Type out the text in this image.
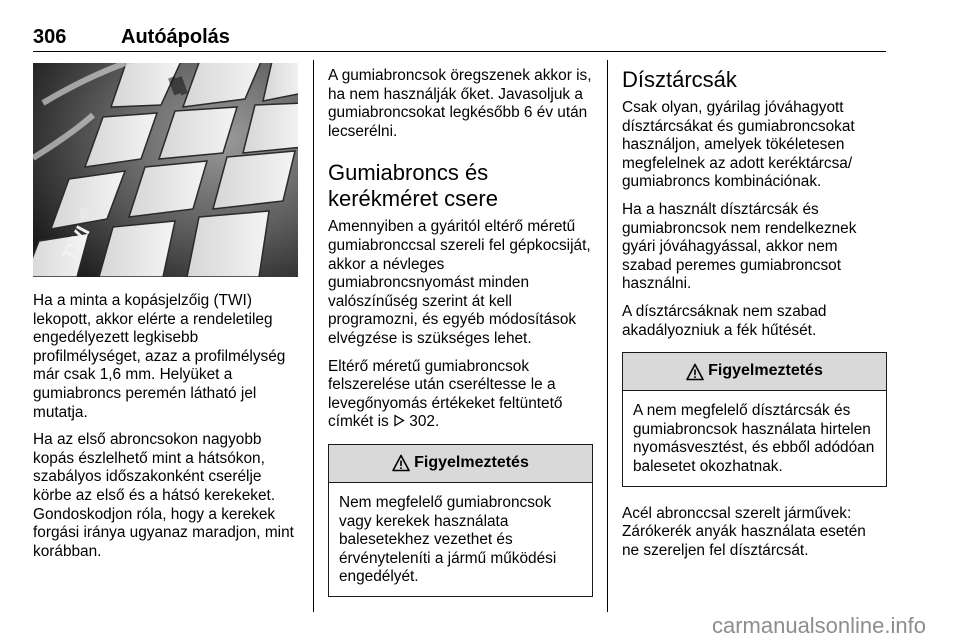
306	Autóápolás
TWI

Ha a minta a kopásjelzőig (TWI) lekopott, akkor elérte a rendeletileg engedélyezett legkisebb profilmélységet, azaz a profilmélység már csak 1,6 mm. Helyüket a gumiabroncs peremén látható jel mutatja.

Ha az első abroncsokon nagyobb kopás észlelhető mint a hátsókon, szabályos időszakonként cserélje körbe az első és a hátsó kerekeket. Gondoskodjon róla, hogy a kerekek forgási iránya ugyanaz maradjon, mint korábban.

A gumiabroncsok öregszenek akkor is, ha nem használják őket. Javasoljuk a gumiabroncsokat legkésőbb 6 év után lecserélni.

Gumiabroncs és kerékméret csere

Amennyiben a gyáritól eltérő méretű gumiabronccsal szereli fel gépkocsiját, akkor a névleges gumiabroncsnyomást minden valószínűség szerint át kell programozni, és egyéb módosítások elvégzése is szükséges lehet.

Eltérő méretű gumiabroncsok felszerelése után cseréltesse le a levegőnyomás értékeket feltüntető címkét is  302.

Figyelmeztetés
Nem megfelelő gumiabroncsok vagy kerekek használata balesetekhez vezethet és érvényteleníti a jármű működési engedélyét.
Dísztárcsák

Csak olyan, gyárilag jóváhagyott dísztárcsákat és gumiabroncsokat használjon, amelyek tökéletesen megfelelnek az adott keréktárcsa/ gumiabroncs kombinációnak.

Ha a használt dísztárcsák és gumiabroncsok nem rendelkeznek gyári jóváhagyással, akkor nem szabad peremes gumiabroncsot használni.

A dísztárcsáknak nem szabad akadályozniuk a fék hűtését.

Figyelmeztetés
A nem megfelelő dísztárcsák és gumiabroncsok használata hirtelen nyomásvesztést, és ebből adódóan balesetet okozhatnak.

Acél abronccsal szerelt járművek: Zárókerék anyák használata esetén ne szereljen fel dísztárcsát.

carmanualsonline.info
